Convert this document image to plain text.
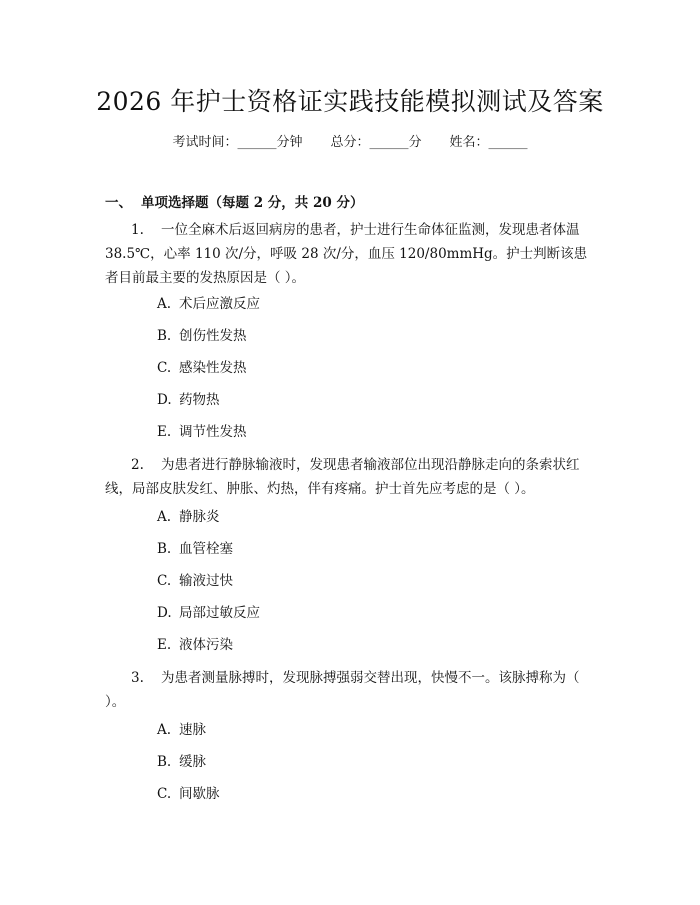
2026 年护士资格证实践技能模拟测试及答案
考试时间：______分钟 总分：______分 姓名：______
一、 单项选择题（每题 2 分，共 20 分）
1. 一位全麻术后返回病房的患者，护士进行生命体征监测，发现患者体温 38.5℃，心率 110 次/分，呼吸 28 次/分，血压 120/80mmHg。护士判断该患者目前最主要的发热原因是（ ）。
A. 术后应激反应
B. 创伤性发热
C. 感染性发热
D. 药物热
E. 调节性发热
2. 为患者进行静脉输液时，发现患者输液部位出现沿静脉走向的条索状红线，局部皮肤发红、肿胀、灼热，伴有疼痛。护士首先应考虑的是（ ）。
A. 静脉炎
B. 血管栓塞
C. 输液过快
D. 局部过敏反应
E. 液体污染
3. 为患者测量脉搏时，发现脉搏强弱交替出现，快慢不一。该脉搏称为（ ）。
A. 速脉
B. 缓脉
C. 间歇脉
